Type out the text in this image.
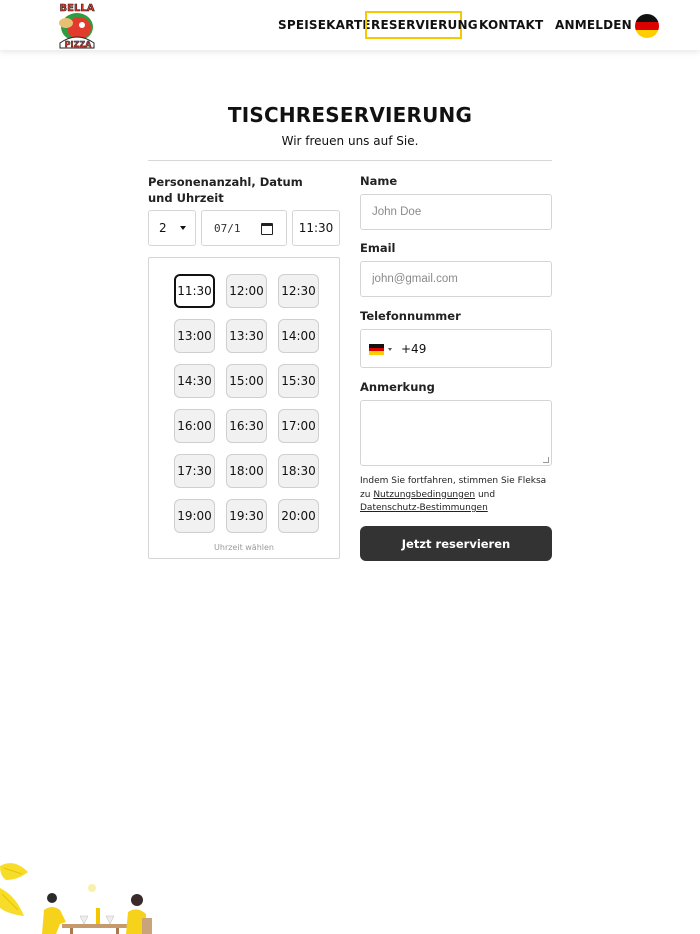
BELLA
PIZZA
SPEISEKARTE RESERVIERUNG KONTAKT ANMELDEN
TISCHRESERVIERUNG
Wir freuen uns auf Sie.
Personenanzahl, Datum und Uhrzeit
2	07/1	11:30
11:30 12:00 12:30
13:00 13:30 14:00
14:30 15:00 15:30
16:00 16:30 17:00
17:30 18:00 18:30
19:00 19:30 20:00
Uhrzeit wählen
Name
John Doe
Email
john@gmail.com
Telefonnummer
+49
Anmerkung
Indem Sie fortfahren, stimmen Sie Fleksa zu Nutzungsbedingungen und Datenschutz-Bestimmungen
Jetzt reservieren
